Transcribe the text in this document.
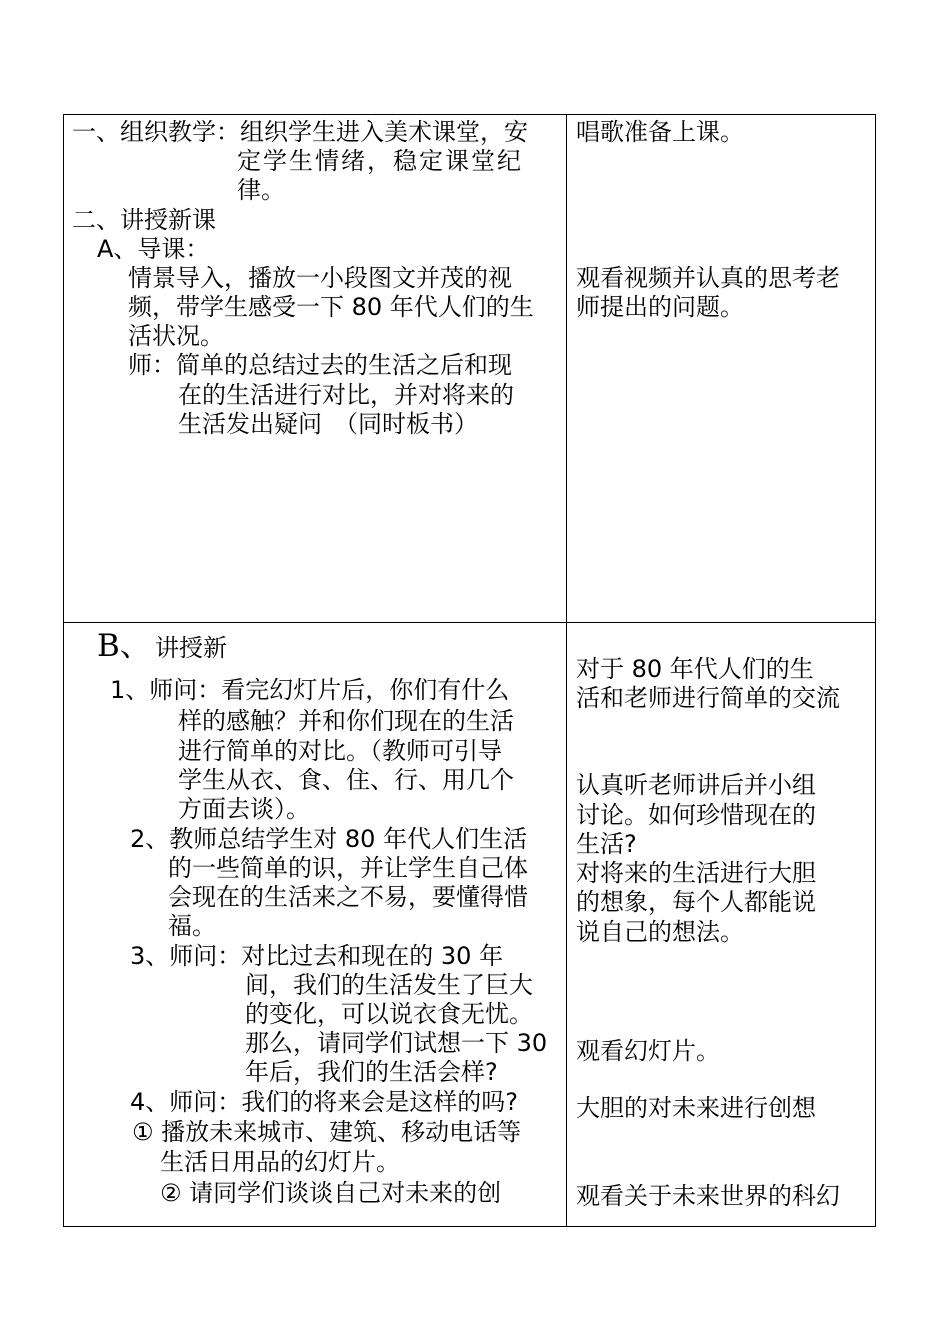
一、组织教学：组织学生进入美术课堂，安
定学生情绪，稳定课堂纪
律。
二、讲授新课
A、导课：
情景导入，播放一小段图文并茂的视
频，带学生感受一下 80 年代人们的生
活状况。
师：简单的总结过去的生活之后和现
在的生活进行对比，并对将来的
生活发出疑问　（同时板书）
唱歌准备上课。
观看视频并认真的思考老
师提出的问题。
B、 讲授新
1、师问：看完幻灯片后，你们有什么
样的感触？并和你们现在的生活
进行简单的对比。（教师可引导
学生从衣、食、住、行、用几个
方面去谈）。
2、教师总结学生对 80 年代人们生活
的一些简单的识，并让学生自己体
会现在的生活来之不易，要懂得惜
福。
3、师问：对比过去和现在的 30 年
间，我们的生活发生了巨大
的变化，可以说衣食无忧。
那么，请同学们试想一下 30
年后，我们的生活会样?
4、师问：我们的将来会是这样的吗?
① 播放未来城市、建筑、移动电话等
生活日用品的幻灯片。
② 请同学们谈谈自己对未来的创
对于 80 年代人们的生
活和老师进行简单的交流
认真听老师讲后并小组
讨论。如何珍惜现在的
生活?
对将来的生活进行大胆
的想象，每个人都能说
说自己的想法。
观看幻灯片。
大胆的对未来进行创想
观看关于未来世界的科幻
